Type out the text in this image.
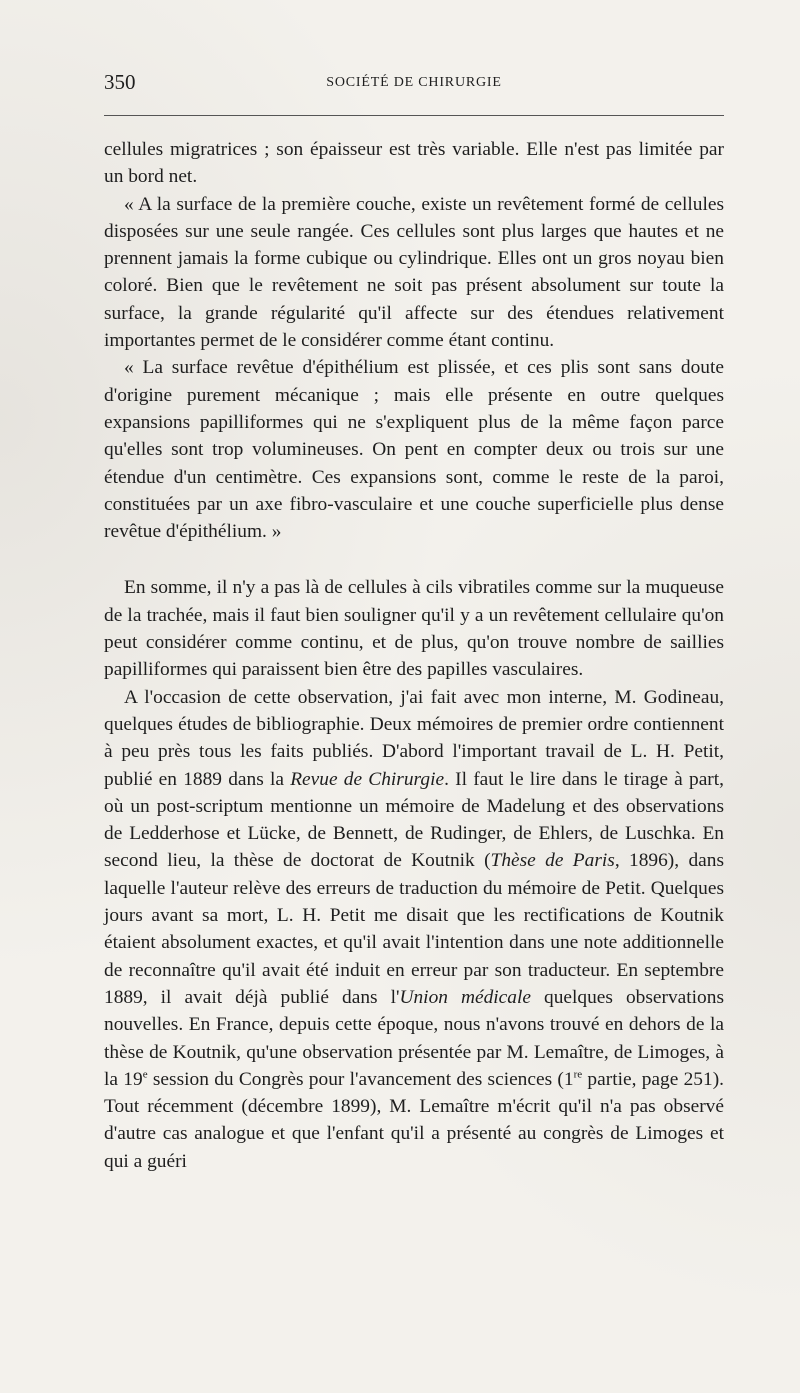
350	SOCIÉTÉ DE CHIRURGIE

cellules migratrices ; son épaisseur est très variable. Elle n'est pas limitée par un bord net.

« A la surface de la première couche, existe un revêtement formé de cellules disposées sur une seule rangée. Ces cellules sont plus larges que hautes et ne prennent jamais la forme cubique ou cylindrique. Elles ont un gros noyau bien coloré. Bien que le revêtement ne soit pas présent absolument sur toute la surface, la grande régularité qu'il affecte sur des étendues relativement importantes permet de le considérer comme étant continu.

« La surface revêtue d'épithélium est plissée, et ces plis sont sans doute d'origine purement mécanique ; mais elle présente en outre quelques expansions papilliformes qui ne s'expliquent plus de la même façon parce qu'elles sont trop volumineuses. On pent en compter deux ou trois sur une étendue d'un centimètre. Ces expansions sont, comme le reste de la paroi, constituées par un axe fibro-vasculaire et une couche superficielle plus dense revêtue d'épithélium. »

En somme, il n'y a pas là de cellules à cils vibratiles comme sur la muqueuse de la trachée, mais il faut bien souligner qu'il y a un revêtement cellulaire qu'on peut considérer comme continu, et de plus, qu'on trouve nombre de saillies papilliformes qui paraissent bien être des papilles vasculaires.

A l'occasion de cette observation, j'ai fait avec mon interne, M. Godineau, quelques études de bibliographie. Deux mémoires de premier ordre contiennent à peu près tous les faits publiés. D'abord l'important travail de L. H. Petit, publié en 1889 dans la Revue de Chirurgie. Il faut le lire dans le tirage à part, où un post-scriptum mentionne un mémoire de Madelung et des observations de Ledderhose et Lücke, de Bennett, de Rudinger, de Ehlers, de Luschka. En second lieu, la thèse de doctorat de Koutnik (Thèse de Paris, 1896), dans laquelle l'auteur relève des erreurs de traduction du mémoire de Petit. Quelques jours avant sa mort, L. H. Petit me disait que les rectifications de Koutnik étaient absolument exactes, et qu'il avait l'intention dans une note additionnelle de reconnaître qu'il avait été induit en erreur par son traducteur. En septembre 1889, il avait déjà publié dans l'Union médicale quelques observations nouvelles. En France, depuis cette époque, nous n'avons trouvé en dehors de la thèse de Koutnik, qu'une observation présentée par M. Lemaître, de Limoges, à la 19e session du Congrès pour l'avancement des sciences (1re partie, page 251). Tout récemment (décembre 1899), M. Lemaître m'écrit qu'il n'a pas observé d'autre cas analogue et que l'enfant qu'il a présenté au congrès de Limoges et qui a guéri
